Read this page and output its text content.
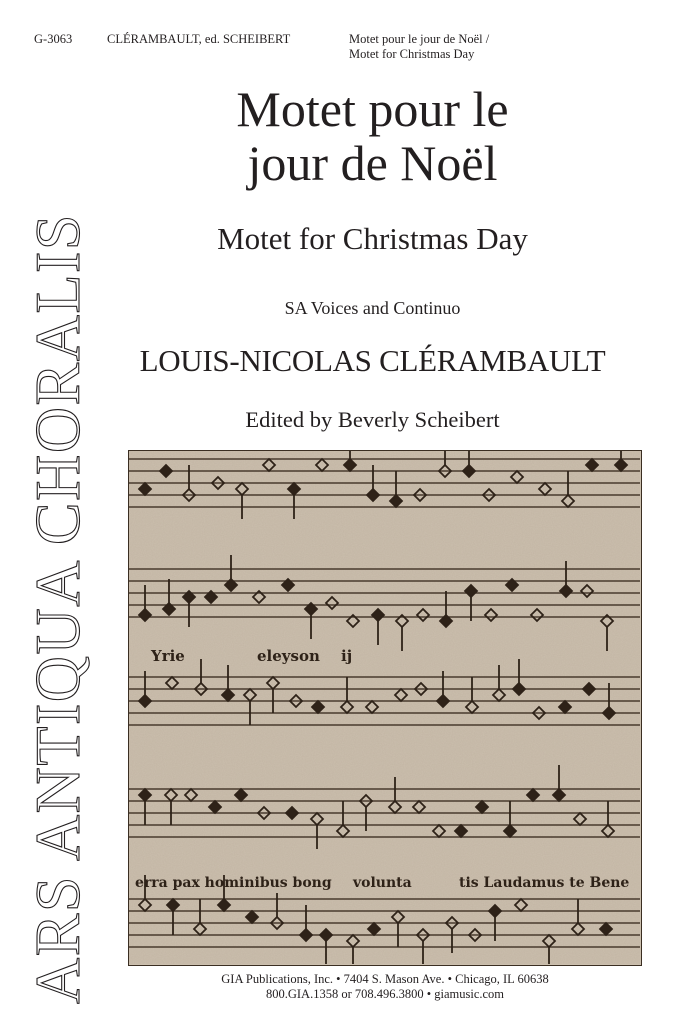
G-3063	CLÉRAMBAULT, ed. SCHEIBERT	Motet pour le jour de Noël /
Motet for Christmas Day
ARS ANTIQUA CHORALIS
Motet pour le
jour de Noël
Motet for Christmas Day
SA Voices and Continuo
LOUIS-NICOLAS CLÉRAMBAULT
Edited by Beverly Scheibert
Yrie	eleyson ij
erra pax hominibus bong volunta	tis Laudamus te Bene
GIA Publications, Inc. • 7404 S. Mason Ave. • Chicago, IL 60638
800.GIA.1358 or 708.496.3800 • giamusic.com
